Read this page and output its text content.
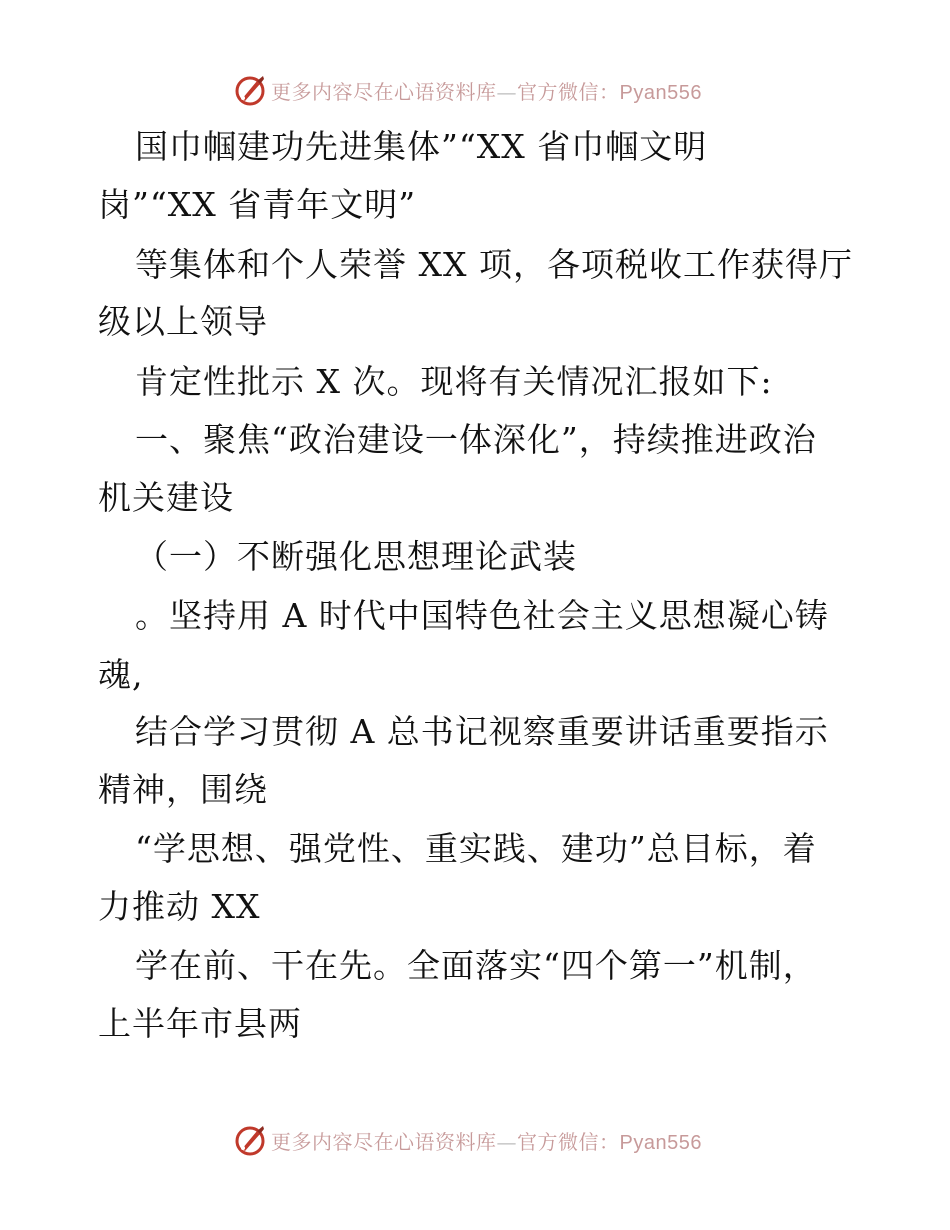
更多内容尽在心语资料库—官方微信：Pyan556
国巾帼建功先进集体”“XX 省巾帼文明
岗”“XX 省青年文明”
等集体和个人荣誉 XX 项，各项税收工作获得厅
级以上领导
肯定性批示 X 次。现将有关情况汇报如下:
一、聚焦“政治建设一体深化”，持续推进政治
机关建设
（一）不断强化思想理论武装
。坚持用 A 时代中国特色社会主义思想凝心铸
魂,
结合学习贯彻 A 总书记视察重要讲话重要指示
精神，围绕
“学思想、强党性、重实践、建功”总目标，着
力推动 XX
学在前、干在先。全面落实“四个第一”机制，
上半年市县两
更多内容尽在心语资料库—官方微信：Pyan556
